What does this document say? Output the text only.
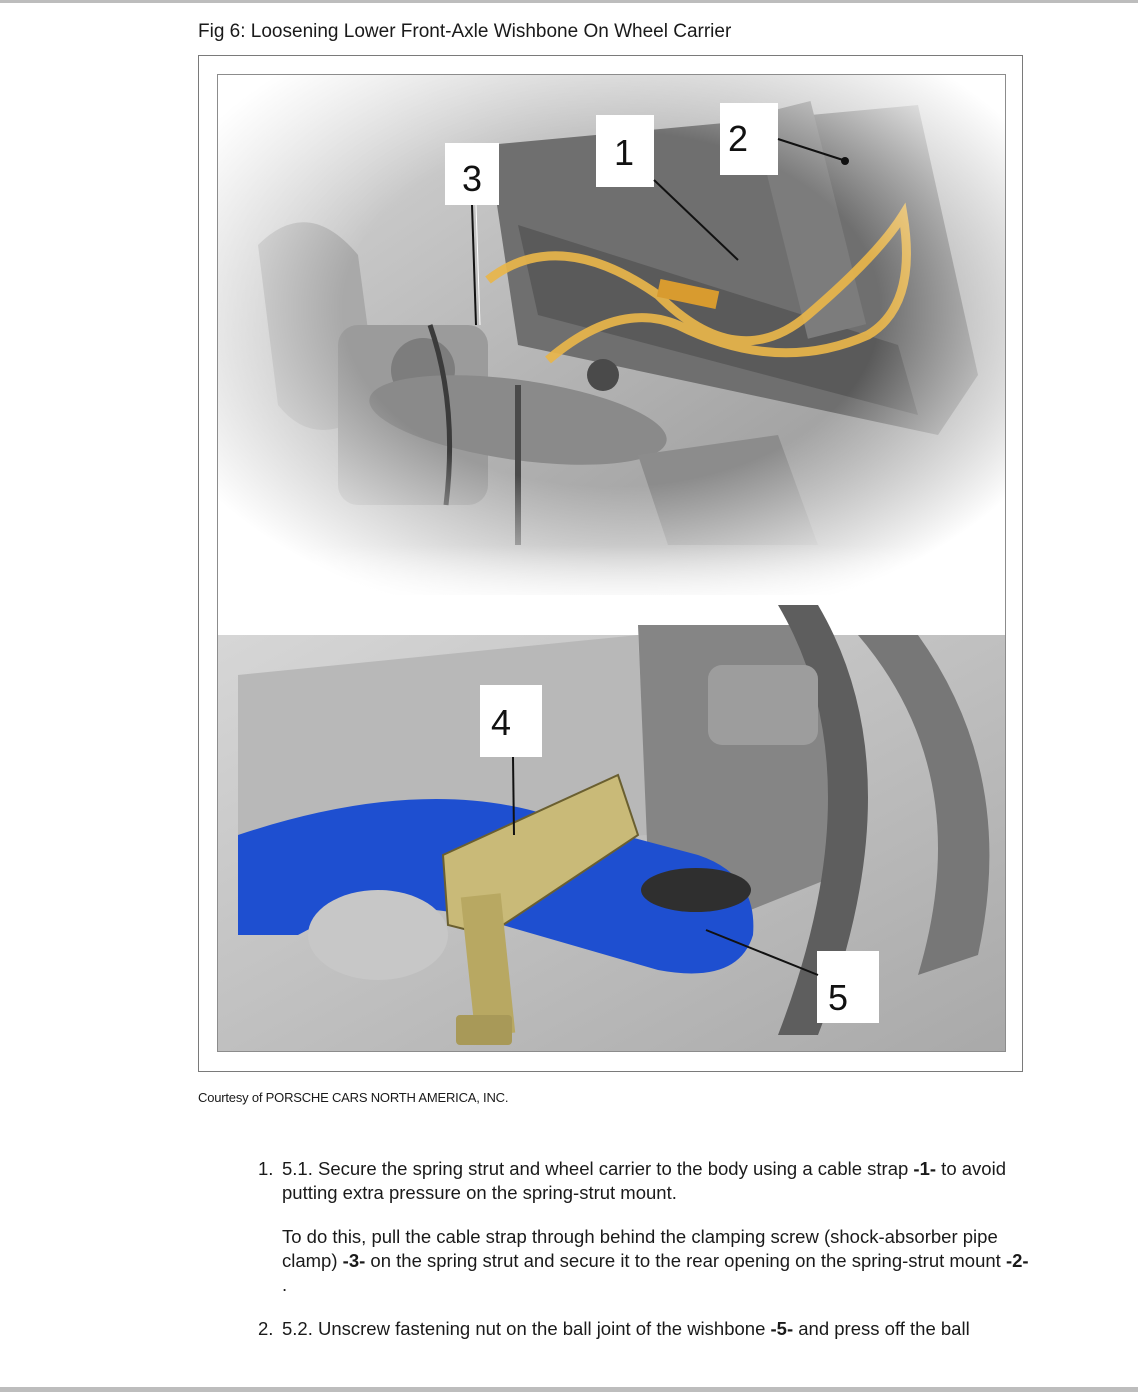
Fig 6: Loosening Lower Front-Axle Wishbone On Wheel Carrier
3
1	2
4
5
Courtesy of PORSCHE CARS NORTH AMERICA, INC.
1. 5.1. Secure the spring strut and wheel carrier to the body using a cable strap -1- to avoid putting extra pressure on the spring-strut mount.

To do this, pull the cable strap through behind the clamping screw (shock-absorber pipe clamp) -3- on the spring strut and secure it to the rear opening on the spring-strut mount -2- .

2. 5.2. Unscrew fastening nut on the ball joint of the wishbone -5- and press off the ball
